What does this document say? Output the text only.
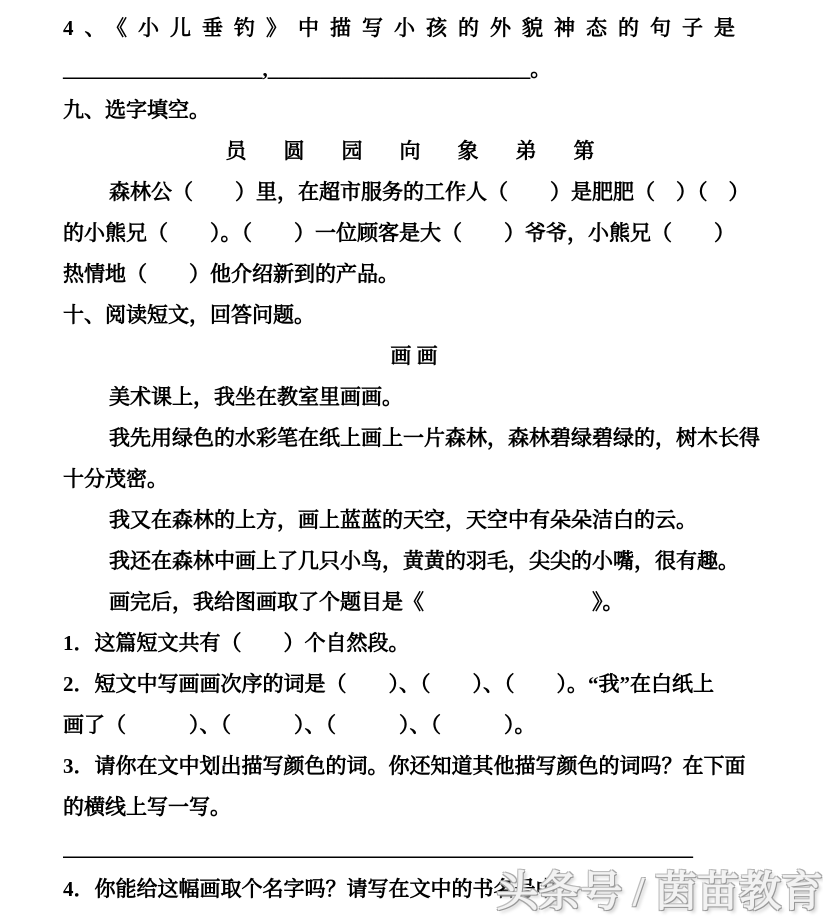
4、《小儿垂钓》中描写小孩的外貌神态的句子是
___________________,_________________________。
九、选字填空。
员　圆　园　向　象　弟　第
森林公（　　）里，在超市服务的工作人（　　）是肥肥（　）（　）
的小熊兄（　　）。（　　）一位顾客是大（　　）爷爷，小熊兄（　　）
热情地（　　）他介绍新到的产品。
十、阅读短文，回答问题。
画 画
美术课上，我坐在教室里画画。
我先用绿色的水彩笔在纸上画上一片森林，森林碧绿碧绿的，树木长得
十分茂密。
我又在森林的上方，画上蓝蓝的天空，天空中有朵朵洁白的云。
我还在森林中画上了几只小鸟，黄黄的羽毛，尖尖的小嘴，很有趣。
画完后，我给图画取了个题目是《　　　　　　　　》。
1．这篇短文共有（　　）个自然段。
2．短文中写画画次序的词是（　　）、（　　）、（　　）。“我”在白纸上
画了（　　　）、（　　　）、（　　　）、（　　　）。
3．请你在文中划出描写颜色的词。你还知道其他描写颜色的词吗？在下面
的横线上写一写。
____________________________________________________________
4．你能给这幅画取个名字吗？请写在文中的书名号中。
头条号 / 茵苗教育
